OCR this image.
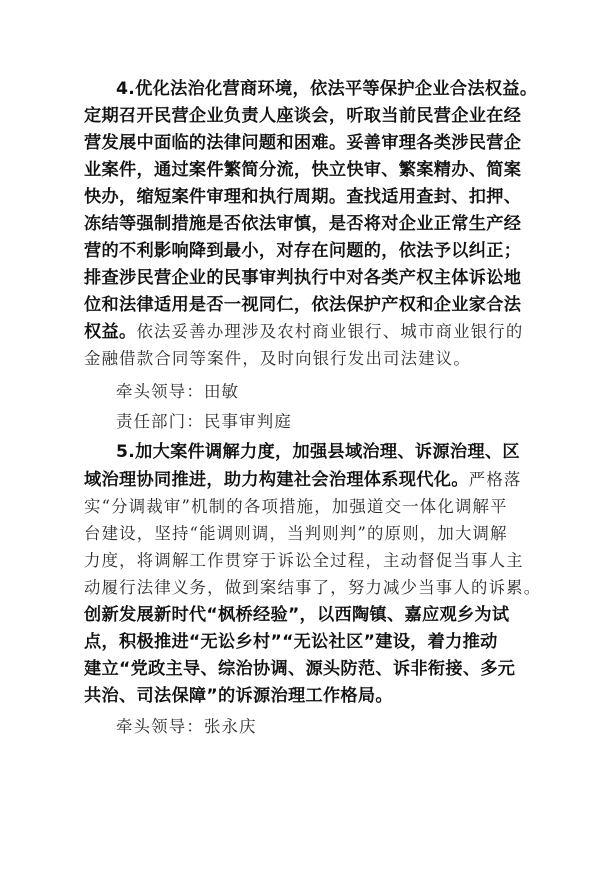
4.优化法治化营商环境，依法平等保护企业合法权益。
定期召开民营企业负责人座谈会，听取当前民营企业在经
营发展中面临的法律问题和困难。妥善审理各类涉民营企
业案件，通过案件繁简分流，快立快审、繁案精办、简案
快办，缩短案件审理和执行周期。查找适用查封、扣押、
冻结等强制措施是否依法审慎，是否将对企业正常生产经
营的不利影响降到最小，对存在问题的，依法予以纠正；
排查涉民营企业的民事审判执行中对各类产权主体诉讼地
位和法律适用是否一视同仁，依法保护产权和企业家合法
权益。依法妥善办理涉及农村商业银行、城市商业银行的
金融借款合同等案件，及时向银行发出司法建议。
牵头领导：田敏
责任部门：民事审判庭
5.加大案件调解力度，加强县域治理、诉源治理、区
域治理协同推进，助力构建社会治理体系现代化。严格落
实“分调裁审”机制的各项措施，加强道交一体化调解平
台建设，坚持“能调则调，当判则判”的原则，加大调解
力度，将调解工作贯穿于诉讼全过程，主动督促当事人主
动履行法律义务，做到案结事了，努力减少当事人的诉累。
创新发展新时代“枫桥经验”，以西陶镇、嘉应观乡为试
点，积极推进“无讼乡村”“无讼社区”建设，着力推动
建立“党政主导、综治协调、源头防范、诉非衔接、多元
共治、司法保障”的诉源治理工作格局。
牵头领导：张永庆
